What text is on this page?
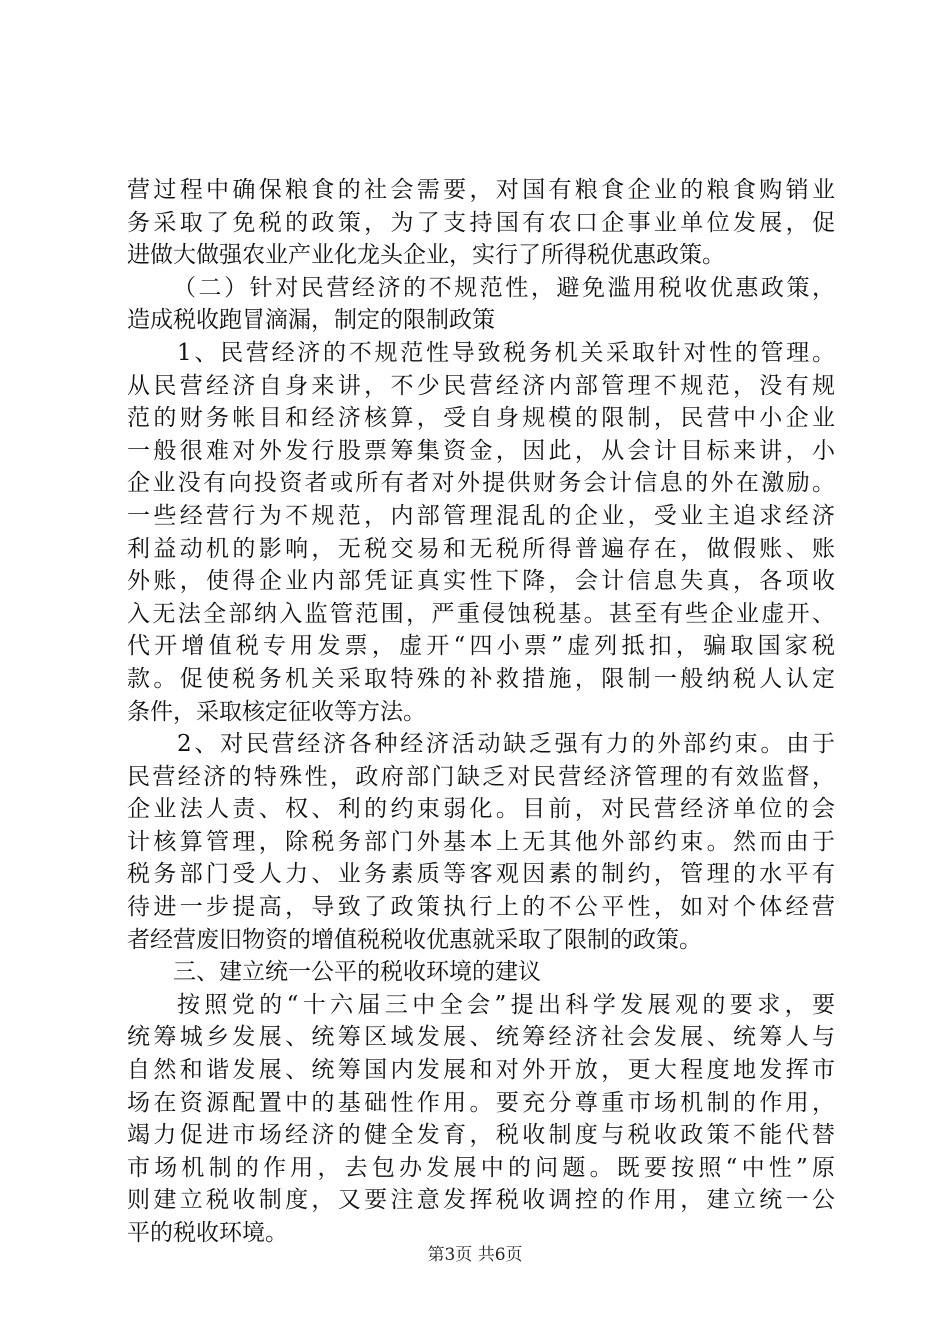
营过程中确保粮食的社会需要，对国有粮食企业的粮食购销业
务采取了免税的政策，为了支持国有农口企事业单位发展，促
进做大做强农业产业化龙头企业，实行了所得税优惠政策。
（二）针对民营经济的不规范性，避免滥用税收优惠政策，
造成税收跑冒滴漏，制定的限制政策
1、民营经济的不规范性导致税务机关采取针对性的管理。
从民营经济自身来讲，不少民营经济内部管理不规范，没有规
范的财务帐目和经济核算，受自身规模的限制，民营中小企业
一般很难对外发行股票筹集资金，因此，从会计目标来讲，小
企业没有向投资者或所有者对外提供财务会计信息的外在激励。
一些经营行为不规范，内部管理混乱的企业，受业主追求经济
利益动机的影响，无税交易和无税所得普遍存在，做假账、账
外账，使得企业内部凭证真实性下降，会计信息失真，各项收
入无法全部纳入监管范围，严重侵蚀税基。甚至有些企业虚开、
代开增值税专用发票，虚开“四小票”虚列抵扣，骗取国家税
款。促使税务机关采取特殊的补救措施，限制一般纳税人认定
条件，采取核定征收等方法。
2、对民营经济各种经济活动缺乏强有力的外部约束。由于
民营经济的特殊性，政府部门缺乏对民营经济管理的有效监督，
企业法人责、权、利的约束弱化。目前，对民营经济单位的会
计核算管理，除税务部门外基本上无其他外部约束。然而由于
税务部门受人力、业务素质等客观因素的制约，管理的水平有
待进一步提高，导致了政策执行上的不公平性，如对个体经营
者经营废旧物资的增值税税收优惠就采取了限制的政策。
三、建立统一公平的税收环境的建议
按照党的“十六届三中全会”提出科学发展观的要求，要
统筹城乡发展、统筹区域发展、统筹经济社会发展、统筹人与
自然和谐发展、统筹国内发展和对外开放，更大程度地发挥市
场在资源配置中的基础性作用。要充分尊重市场机制的作用，
竭力促进市场经济的健全发育，税收制度与税收政策不能代替
市场机制的作用，去包办发展中的问题。既要按照“中性”原
则建立税收制度，又要注意发挥税收调控的作用，建立统一公
平的税收环境。
第3页 共6页
